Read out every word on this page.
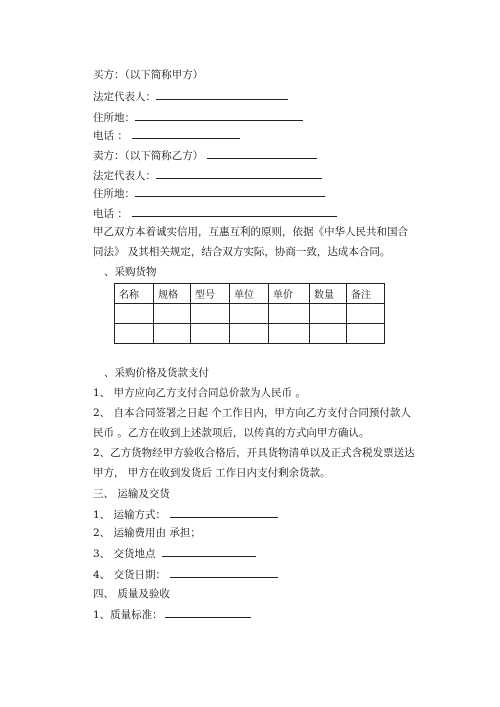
买方：（以下简称甲方）
法定代表人：
住所地：
电话 ：
卖方：（以下简称乙方）
法定代表人：
住所地：
电话 ：

甲乙双方本着诚实信用，互惠互利的原则，依据《中华人民共和国合同法》 及其相关规定，结合双方实际，协商一致，达成本合同。

、采购货物
名称	规格	型号	单位	单价	数量	备注

、采购价格及货款支付
1、 甲方应向乙方支付合同总价款为人民币 。

2、 自本合同签署之日起 个工作日内，甲方向乙方支付合同预付款人民币 。乙方在收到上述款项后，以传真的方式向甲方确认。

2、乙方货物经甲方验收合格后，开具货物清单以及正式含税发票送达甲方， 甲方在收到发货后 工作日内支付剩余货款。

三、 运输及交货
1、 运输方式：
2、 运输费用由 承担；
3、 交货地点
4、 交货日期：
四、 质量及验收
1、质量标准：
